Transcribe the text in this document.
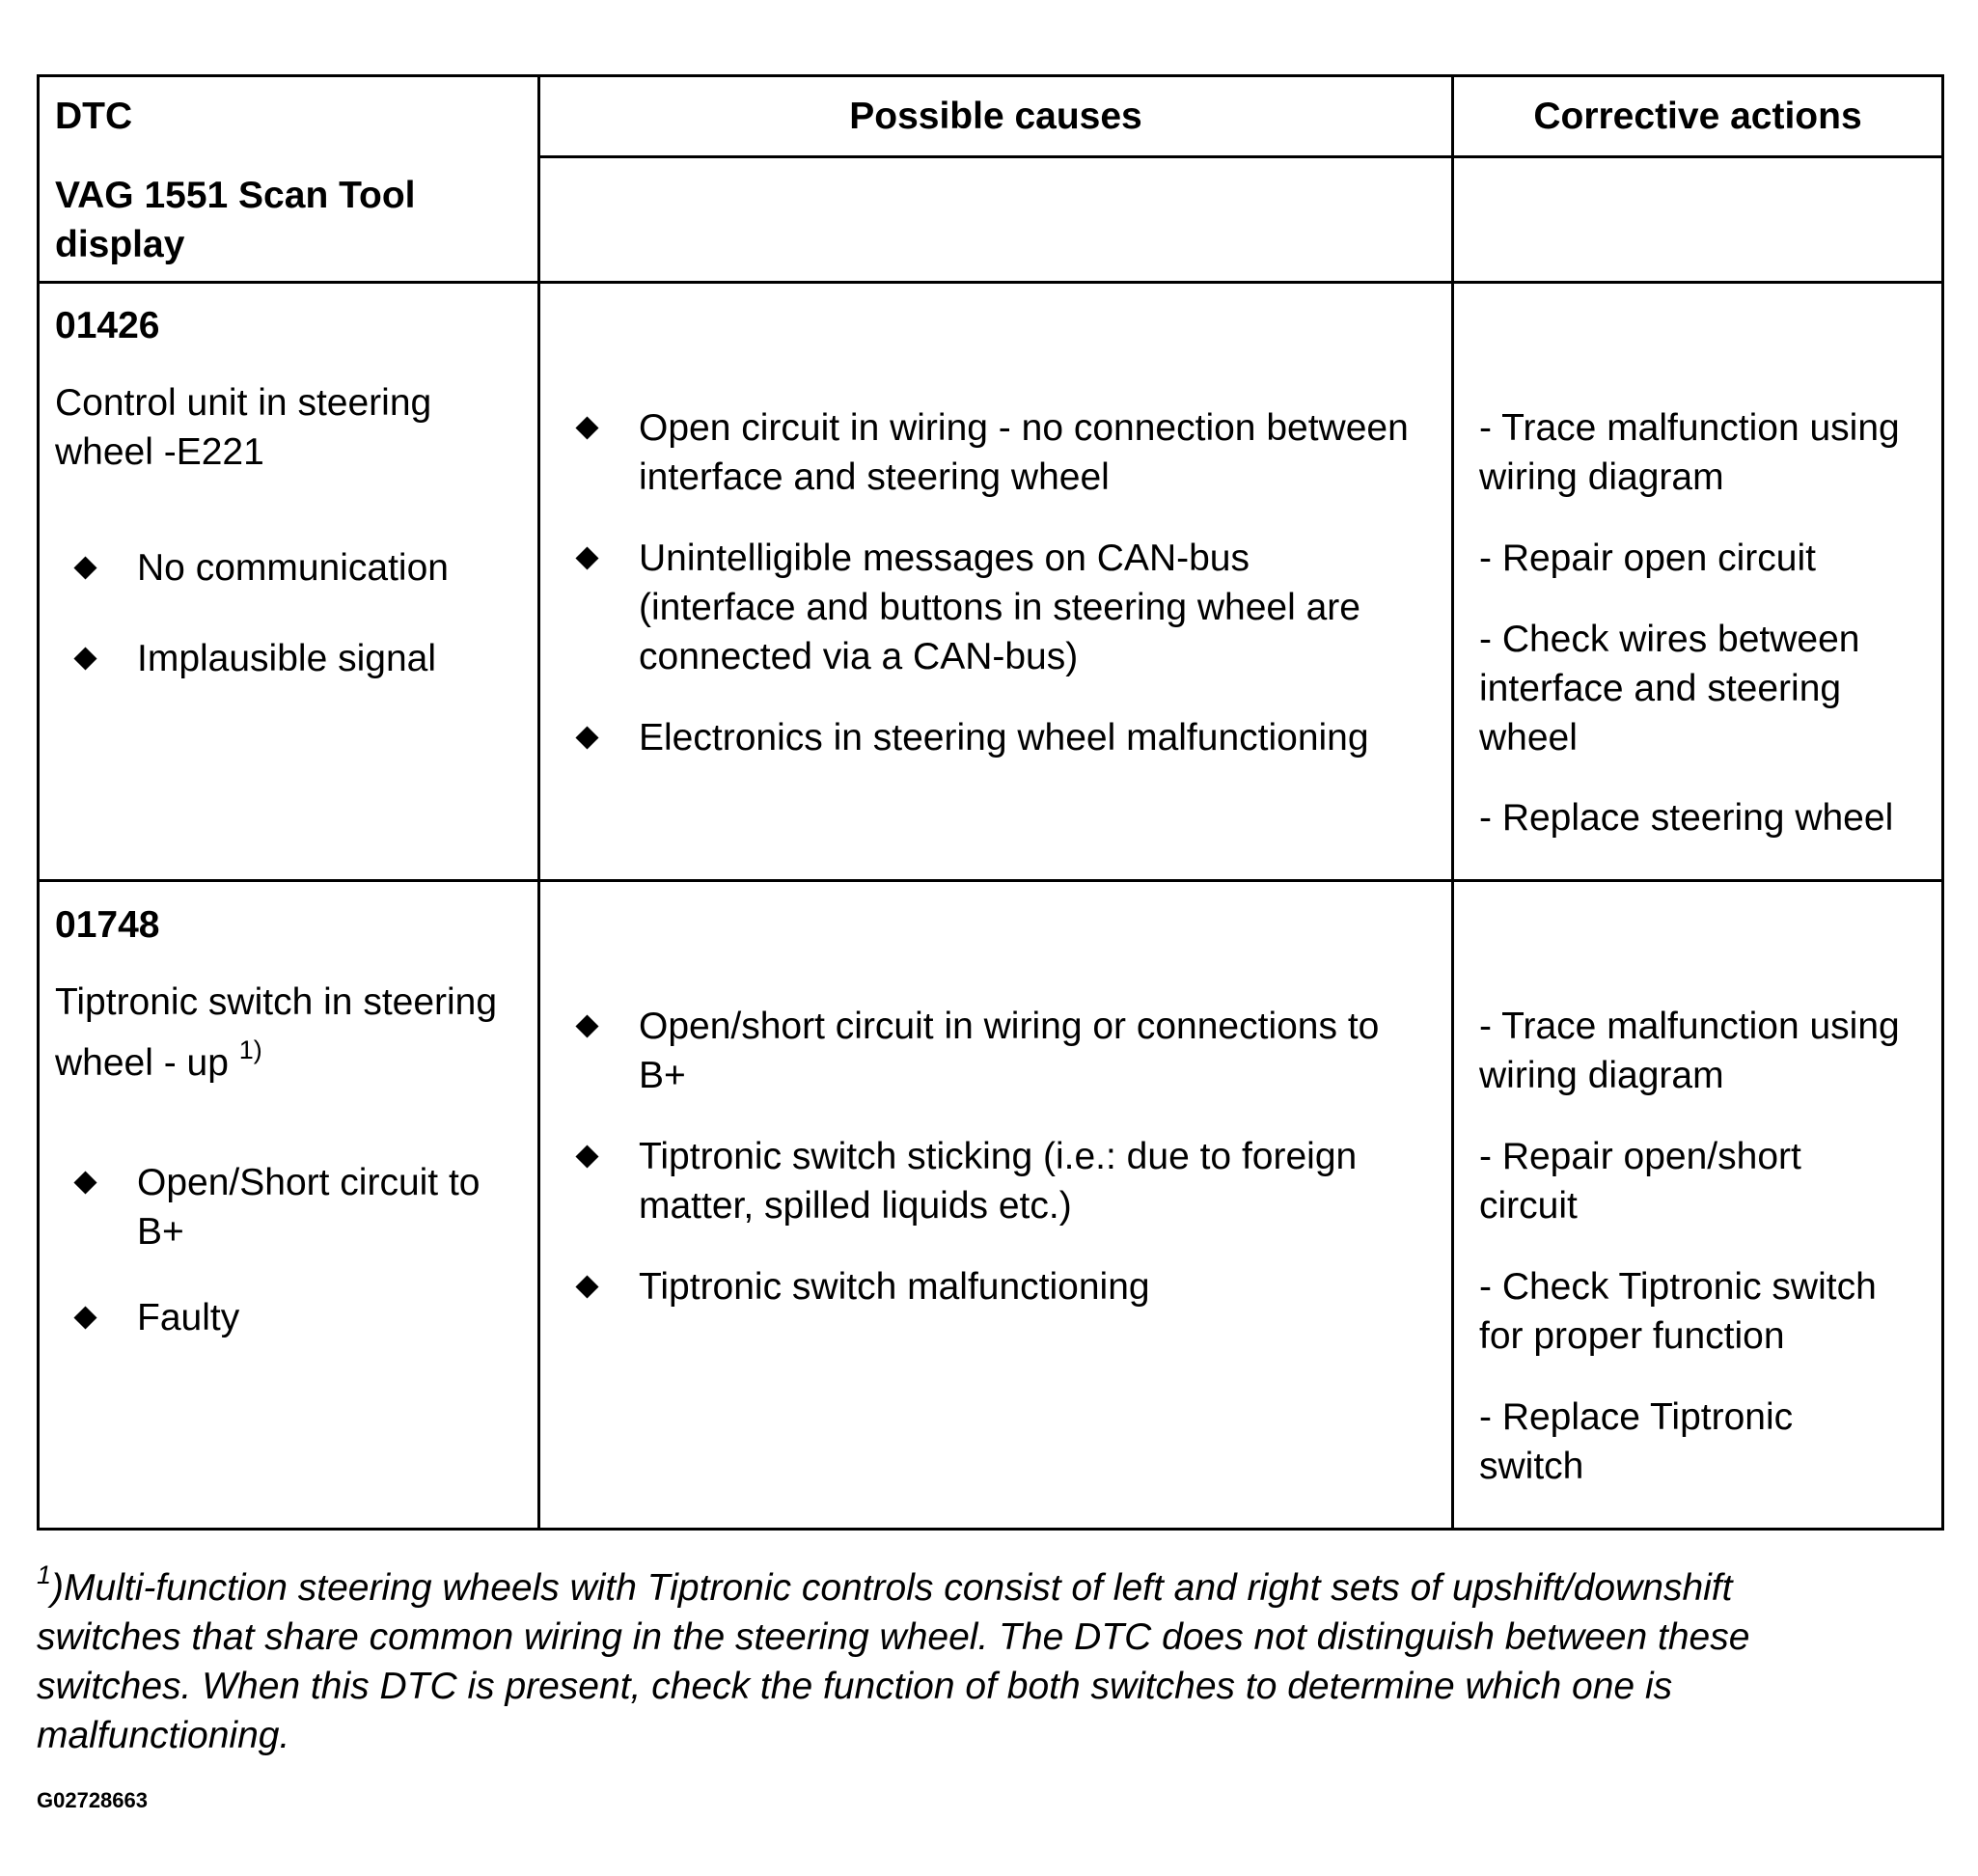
DTC
VAG 1551 Scan Tool
display
Possible causes	Corrective actions
01426
Control unit in steering
wheel -E221
No communication
Implausible signal
Open circuit in wiring - no connection between
interface and steering wheel
Unintelligible messages on CAN-bus
(interface and buttons in steering wheel are
connected via a CAN-bus)
Electronics in steering wheel malfunctioning
- Trace malfunction using
wiring diagram
- Repair open circuit
- Check wires between
interface and steering
wheel
- Replace steering wheel
01748
Tiptronic switch in steering
wheel - up $^{1)}$
Open/Short circuit to
B+
Faulty
Open/short circuit in wiring or connections to
B+
Tiptronic switch sticking (i.e.: due to foreign
matter, spilled liquids etc.)
Tiptronic switch malfunctioning
- Trace malfunction using
wiring diagram
- Repair open/short
circuit
- Check Tiptronic switch
for proper function
- Replace Tiptronic
switch
$^1$)Multi-function steering wheels with Tiptronic controls consist of left and right sets of upshift/downshift
switches that share common wiring in the steering wheel. The DTC does not distinguish between these
switches. When this DTC is present, check the function of both switches to determine which one is
malfunctioning.
G02728663
